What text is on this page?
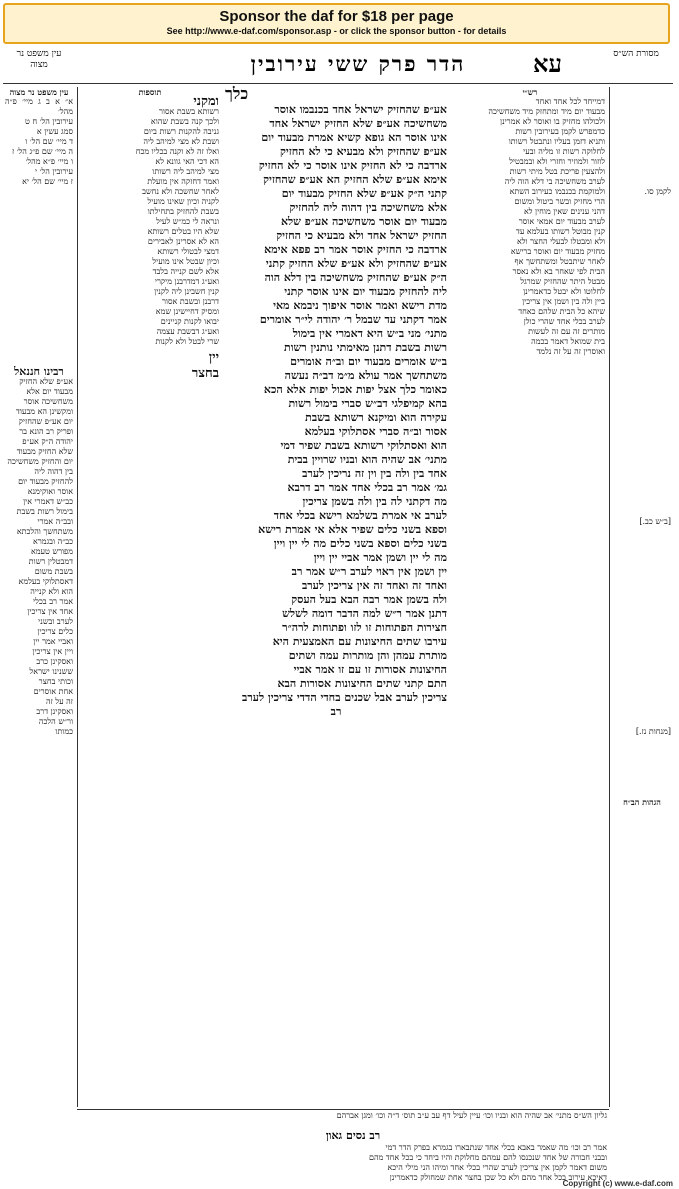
Sponsor the daf for $18 per page
See http://www.e-daf.com/sponsor.asp - or click the sponsor button - for details
מסורת הש״ס
עא
הדר פרק ששי עירובין
עין משפט נר מצוה

לקמן סו.

[ב״ש כב.]

[מנחות נז.]

הגהות הב״ח

רש״י

דמייחד לכל אחד ואחד

מבעוד יום מיד ומתחזק מיד משחשיכה

ולכולהו מחזיק בו ואוסר לא אמרינן

כדמפרש לקמן בעירובין רשות

ותניא דזמן בעליו ונתבטל רשותו

לחלוקה רשות זו מליה ובעי

לוזור ולמוזיר וחזרי ולא ובמבטיל

ולהצעין פריכת בטל מיתי רשות

לערב משחשיכה בי דלא הוה ליה

ולמוקמת בכנבמו כעירוב השתא

הרי מחזיק ובשר ביטול ומשום

דהני ענינים שאין מוחין לא

לערב מבעוד יום אמאי אוסר

קנין מבוטל רשותו בעלמא עד

ולא ומבטלו לבעלי החצר ולא

מחזיק מבעוד יום ואוסר ברישא

לאחר שיתבטל ומשתחשך אף

הבית לפי שאחר בא ולא נאסר

מבטל היתר שהחזיק שמרגל

לחלוטו ולא יבטל כדאמרינן

ביין ולה בין ושמן אין צריכין

שיהא כל הבית שלהם כאחד

לערב בכלי אחד שהרי כולן

מותרים זה עם זה לעשות

בית שמואל דאמר בכמה

ואוסרין זה על זה נלמד

כלך

אע״פ שהחזיק ישראל אחד בכנבמו אוסר

משחשיכה אע״פ שלא החזיק ישראל אחד

אינו אוסר הא גופא קשיא אמרת מבעוד יום

אע״פ שהחזיק ולא מבעיא כי לא החזיק

ארדבה כי לא החזיק אינו אוסר כי לא החזיק

אימא אע״פ שלא החזיק הא אע״פ שהחזיק

קתני ה״ק אע״פ שלא החזיק מבעוד יום

אלא משחשיכה בין דהוה ליה להחזיק

מבעוד יום אוסר משחשיכה אע״פ שלא

החזיק ישראל אחד ולא מבעיא כי החזיק

ארדבה כי החזיק אוסר אמר רב פפא אימא

אע״פ שהחזיק ולא אע״פ שלא החזיק קתני

ה״ק אע״פ שהחזיק משחשיכה בין דלא הוה

ליה להחזיק מבעוד יום אינו אוסר קתני

מדת רישא ואמר אוסר איפוך ניבמא מאי

אמר דקתני עד שבמל ר׳ יהודה לי״ר אומרים

מתני׳ מני ב״ש היא דאמרי אין בימול

רשות בשבת דתנן מאימתי נותנין רשות

ב״ש אומרים מבעוד יום וב״ה אומרים

משתחשך אמר עולא מ״מ דב״ה נעשה

כאומר כלך אצל יפות אכול יפות אלא הכא

בהא קמיפלגי דב״ש סברי בימול רשות

עקירה הוא ומיקנא רשותא בשבת

אסור וב״ה סברי אסתלוקי בעלמא

הוא ואסתלוקי רשותא בשבת שפיר דמי

מתני׳ אב שהיה הוא ובניו שרויין בבית

אחד בין ולה בין וין זה נריכין לערב

גמ׳ אמר רב בכלי אחד אמר רב דרבא

מה דקתני לה בין ולה בשמן צריכין

לערב אי אמרת בשלמא רישא בכלי אחד

וספא בשני כלים שפיר אלא אי אמרת רישא

בשני כלים וספא בשני כלים מה לי יין ויין

מה לי יין ושמן אמר אביי יין ויין

יין ושמן אין ראוי לערב ר״ש אמר רב

ואחד זה ואחד זה אין צריכין לערב

ולה בשמן אמר רבה הבא בעל העסק

דתנן אמר ר״ש למה הדבר דומה לשלש

חצירות הפתוחות זו לזו ופתוחות לרה״ר

עירבו שתים החיצונות עם האמצעית היא

מותרת עמהן והן מותרות עמה ושתים

החיצונות אסורות זו עם זו אמר אביי

התם קתני שתים החיצונות אסורות הבא

צריכין לערב אבל שכנים בחדי הדדי צריכין לערב

רב

תוספות

ומקני

רשותא בשבת אסור

ולכך קנה בשבת שהוא

גניבה להקנות רשות ביום

ושבת לא מצי למיהב ליה

ואלו זה לא וקנה בכליו מכח

הא דכי האי גוונא לא

מצי למיהב ליה רשותו

ואמר דחזקה אין מועלת

לאחר שחשכה ולא נחשב

לקניה וכיון שאינו מועיל

בשבת להחזיק בתחילתו

ונראה לי כמ״ש לעיל

שלא היו בטלים רשותא

הא לא אסרינן לאבירים

דמצי לבטולי רשותא

וכיון שבטל אינו מועיל

אלא לשם קנייה בלבד

ואע״ג דמדרבנן מיקרי

קנין חשבינן ליה לקנין

דרבנן ובשבת אסור

ומסיק דחיישינן שמא

יבואו לקנות קניינים

ואע״ג דבשבת עצמה

שרי לבטל ולא לקנות

יין

בחצר

עין משפט נר מצוה

א״ א ב ג מיי׳ פ״ה מהל׳

עירובין הל׳ ח ט

סמג עשין א

ד מיי׳ שם הל׳ ו

ה מיי׳ שם פ״ג הל׳ ז

ו מיי׳ פ״א מהל׳

עירובין הל׳ י

ז מיי׳ שם הל׳ יא

רבינו חננאל

אע״פ שלא החזיק

מבעוד יום אלא

משחשיכה אוסר

ומקשינן הא מבעוד

יום אע״פ שהחזיק

ופריק רב הונא בר

יהודה ה״ק אע״פ

שלא החזיק מבעוד

יום והחזיק משחשיכה

בין דהוה ליה

להחזיק מבעוד יום

אוסר ואוקימנא

כב״ש דאמרי אין

בימול רשות בשבת

ובב״ה אמרי

משתחשך והלכתא

כב״ה ובגמרא

מפורש טעמא

דמבטלין רשות

בשבת משום

דאסתלוקי בעלמא

הוא ולא קנייה

אמר רב בכלי

אחד אין צריכין

לערב ובשני

כלים צריכין

ואביי אמר יין

ויין אין צריכין

ואסקינן כרב

ששנינו ישראל

וכותי בחצר

אחת אוסרים

זה על זה

ואסקינן דרב

ור״ש הלכה

כמותו

רב נסים גאון

אמר רב וכו׳ מה שאמר באבא בכלי אחד שנתבארו בגמרא בפרק הדר דמי

ובבני חבורה של אחד שנכנסו להם עמהם מחלוקת והיו ביחד כי בכל אחד מהם

משום דאמר לקמן אין צריכין לערב שהרי בכלי אחד ומיהו הני מילי היכא

דאיכא עירוב בכל אחד מהם ולא כל שכן בחצר אחת שמחולק כדאמרינן

גליון הש״ס מתני׳ אב שהיה הוא ובניו וכו׳ עיין לעיל דף עב ע״ב תוס׳ ד״ה וכו׳ ומגן אברהם

Copyright (c) www.e-daf.com
